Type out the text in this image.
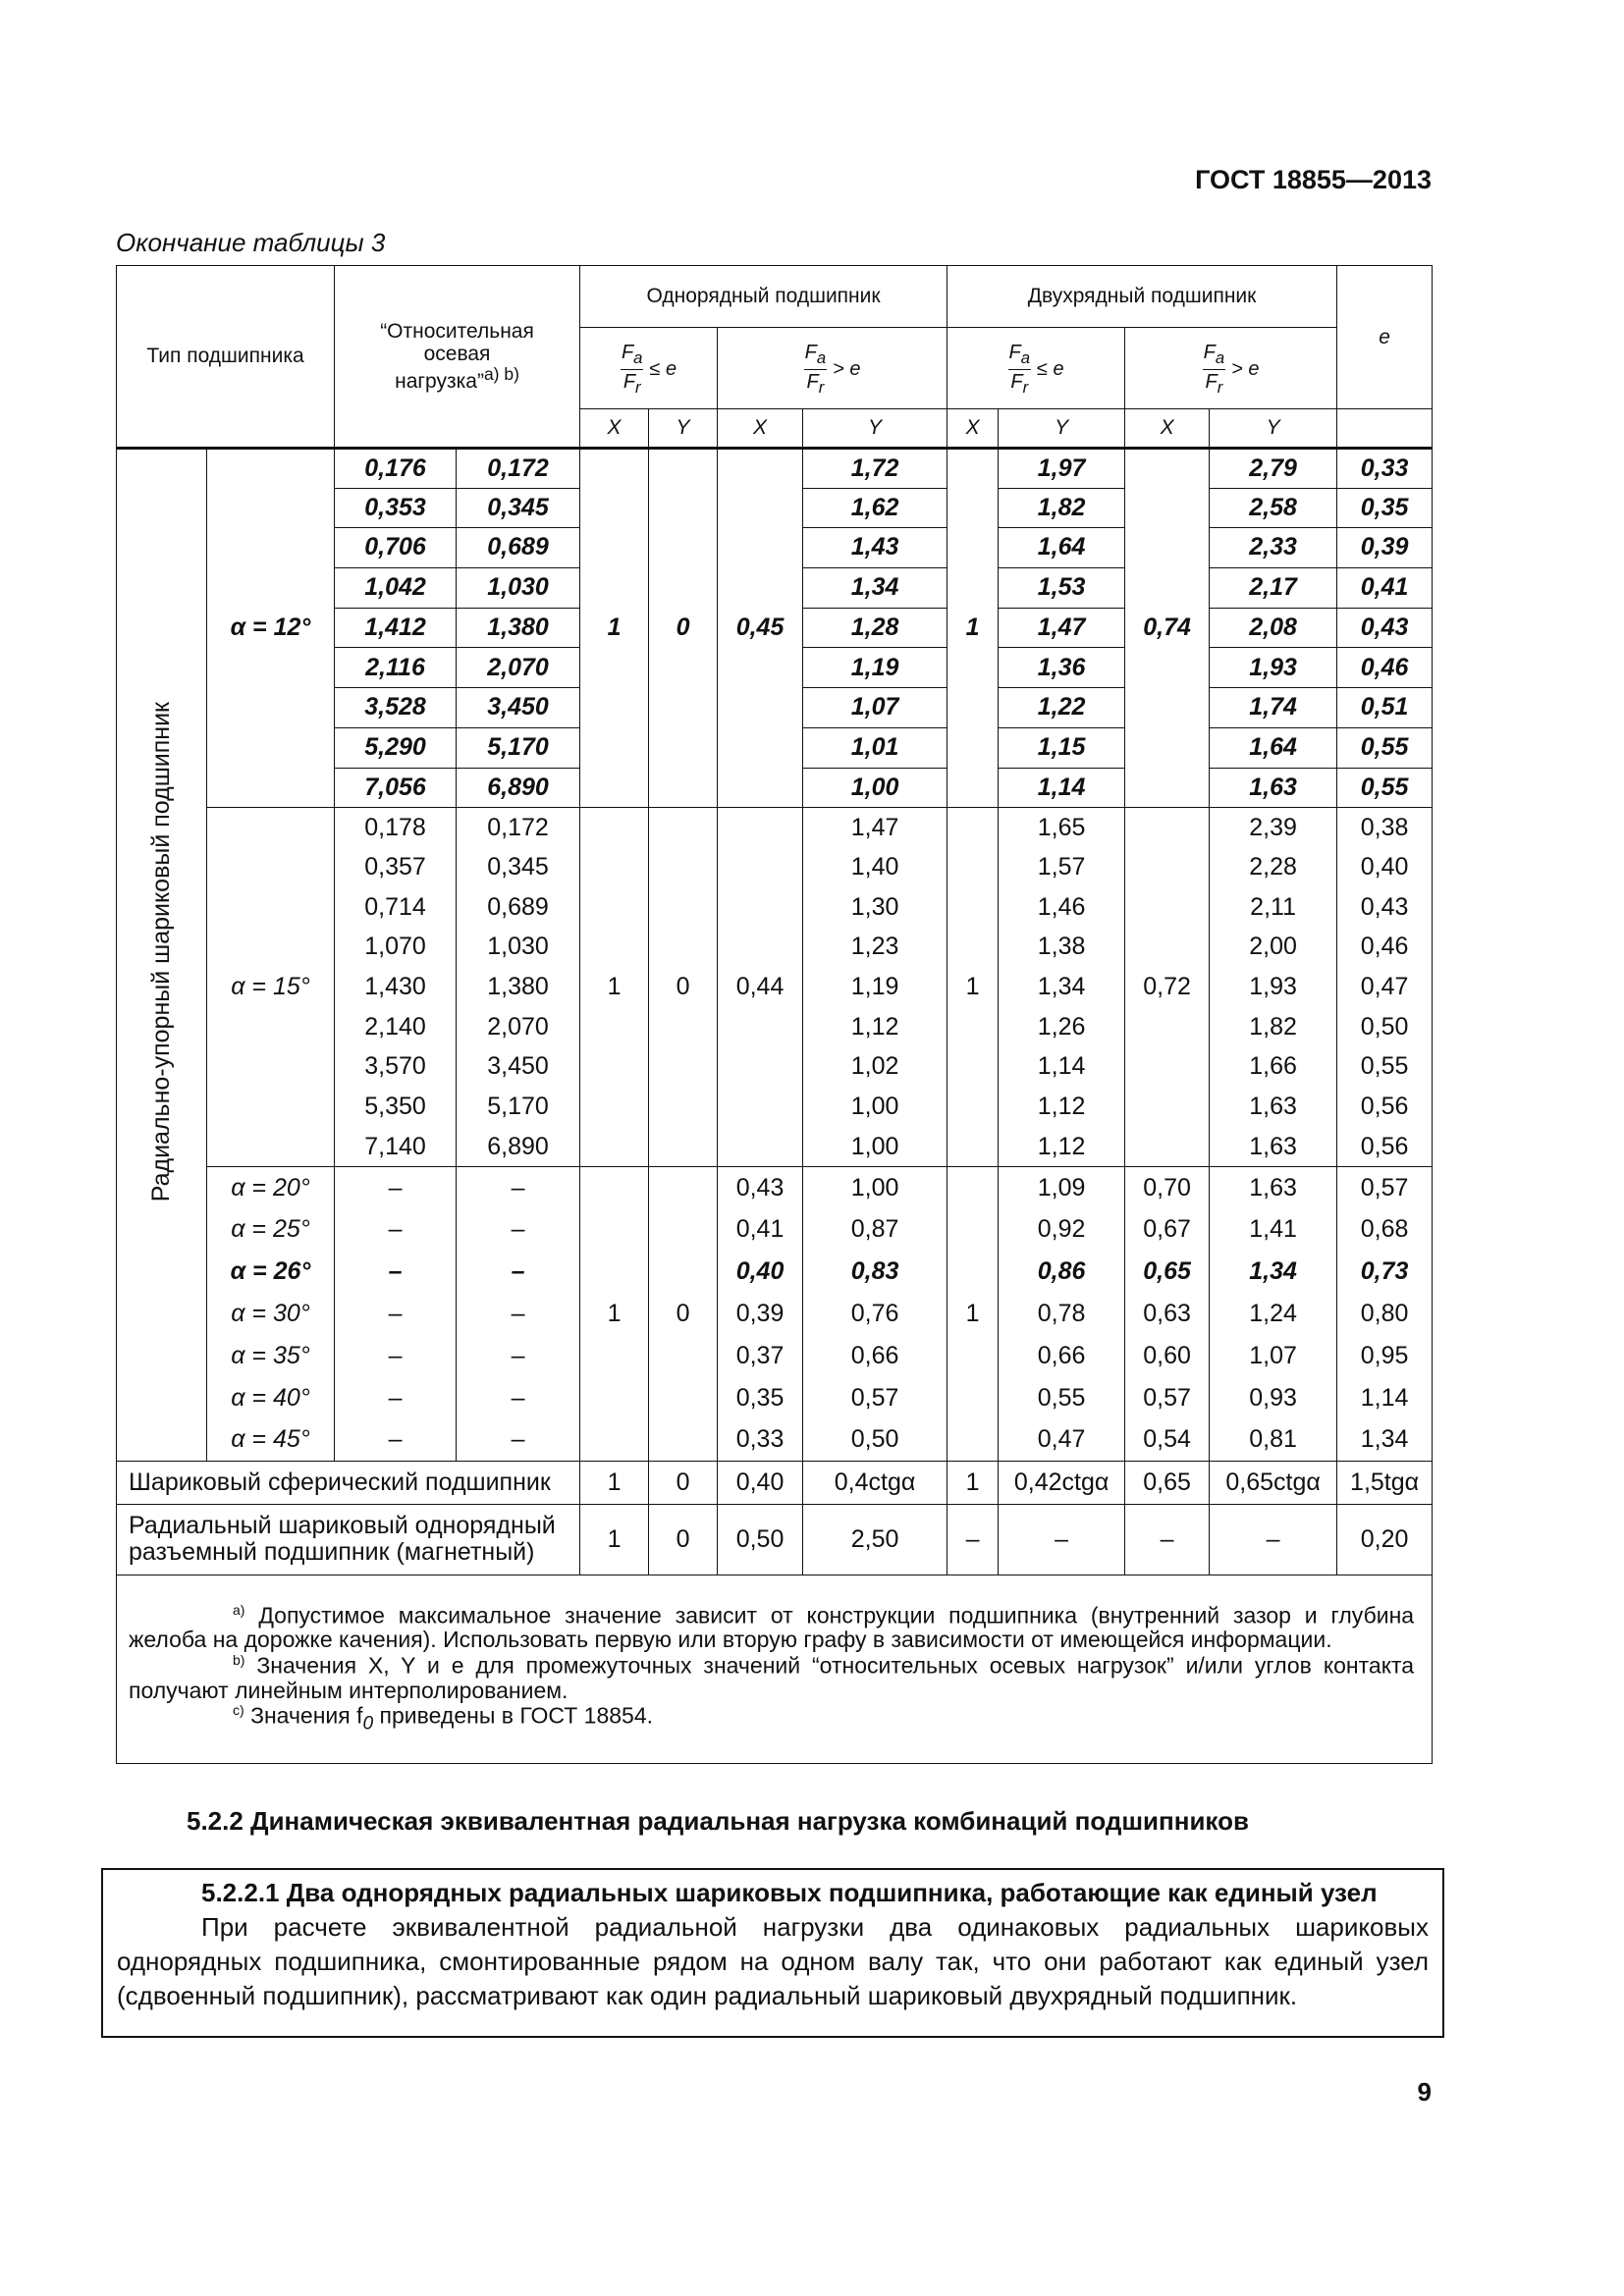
ГОСТ 18855—2013
Окончание таблицы 3
Тип подшипника		“Относительная
осевая
нагрузка”$^{a) b)}$		Однорядный подшипник				Двухрядный подшипник				e

				$\frac{F_a}{F_r} \le e$		$\frac{F_a}{F_r} > e$		$\frac{F_a}{F_r} \le e$		$\frac{F_a}{F_r} > e$		

				X	Y	X	Y	X	Y	X	Y	
Радиально-упорный шариковый подшипник	α = 12°	0,176	0,172	1	0	0,45	1,72	1	1,97	0,74	2,79	0,33
		0,353	0,345				1,62		1,82		2,58	0,35
		0,706	0,689				1,43		1,64		2,33	0,39
		1,042	1,030				1,34		1,53		2,17	0,41
		1,412	1,380				1,28		1,47		2,08	0,43
		2,116	2,070				1,19		1,36		1,93	0,46
		3,528	3,450				1,07		1,22		1,74	0,51
		5,290	5,170				1,01		1,15		1,64	0,55
		7,056	6,890				1,00		1,14		1,63	0,55
	α = 15°	0,178	0,172	1	0	0,44	1,47	1	1,65	0,72	2,39	0,38
		0,357	0,345				1,40		1,57		2,28	0,40
		0,714	0,689				1,30		1,46		2,11	0,43
		1,070	1,030				1,23		1,38		2,00	0,46
		1,430	1,380				1,19		1,34		1,93	0,47
		2,140	2,070				1,12		1,26		1,82	0,50
		3,570	3,450				1,02		1,14		1,66	0,55
		5,350	5,170				1,00		1,12		1,63	0,56
		7,140	6,890				1,00		1,12		1,63	0,56
	α = 20°	–	–	1	0	0,43	1,00	1	1,09	0,70	1,63	0,57
	α = 25°	–	–			0,41	0,87		0,92	0,67	1,41	0,68
	α = 26°	–	–			0,40	0,83		0,86	0,65	1,34	0,73
	α = 30°	–	–			0,39	0,76		0,78	0,63	1,24	0,80
	α = 35°	–	–			0,37	0,66		0,66	0,60	1,07	0,95
	α = 40°	–	–			0,35	0,57		0,55	0,57	0,93	1,14
	α = 45°	–	–			0,33	0,50		0,47	0,54	0,81	1,34
Шариковый сферический подшипник				1	0	0,40	0,4ctgα	1	0,42ctgα	0,65	0,65ctgα	1,5tgα

Радиальный шариковый однорядный
разъемный подшипник (магнетный)				1	0	0,50	2,50	–	–	–	–	0,20

$^{a)}$ Допустимое максимальное значение зависит от конструкции подшипника (внутренний зазор и глубина желоба на дорожке качения). Использовать первую или вторую графу в зависимости от имеющейся информации.

$^{b)}$ Значения X, Y и e для промежуточных значений “относительных осевых нагрузок” и/или углов контакта получают линейным интерполированием.

$^{c)}$ Значения $f_0$ приведены в ГОСТ 18854.												

5.2.2 Динамическая эквивалентная радиальная нагрузка комбинаций подшипников
5.2.2.1 Два однорядных радиальных шариковых подшипника, работающие как единый узел

При расчете эквивалентной радиальной нагрузки два одинаковых радиальных шариковых однорядных подшипника, смонтированные рядом на одном валу так, что они работают как единый узел (сдвоенный подшипник), рассматривают как один радиальный шариковый двухрядный подшипник.

9
